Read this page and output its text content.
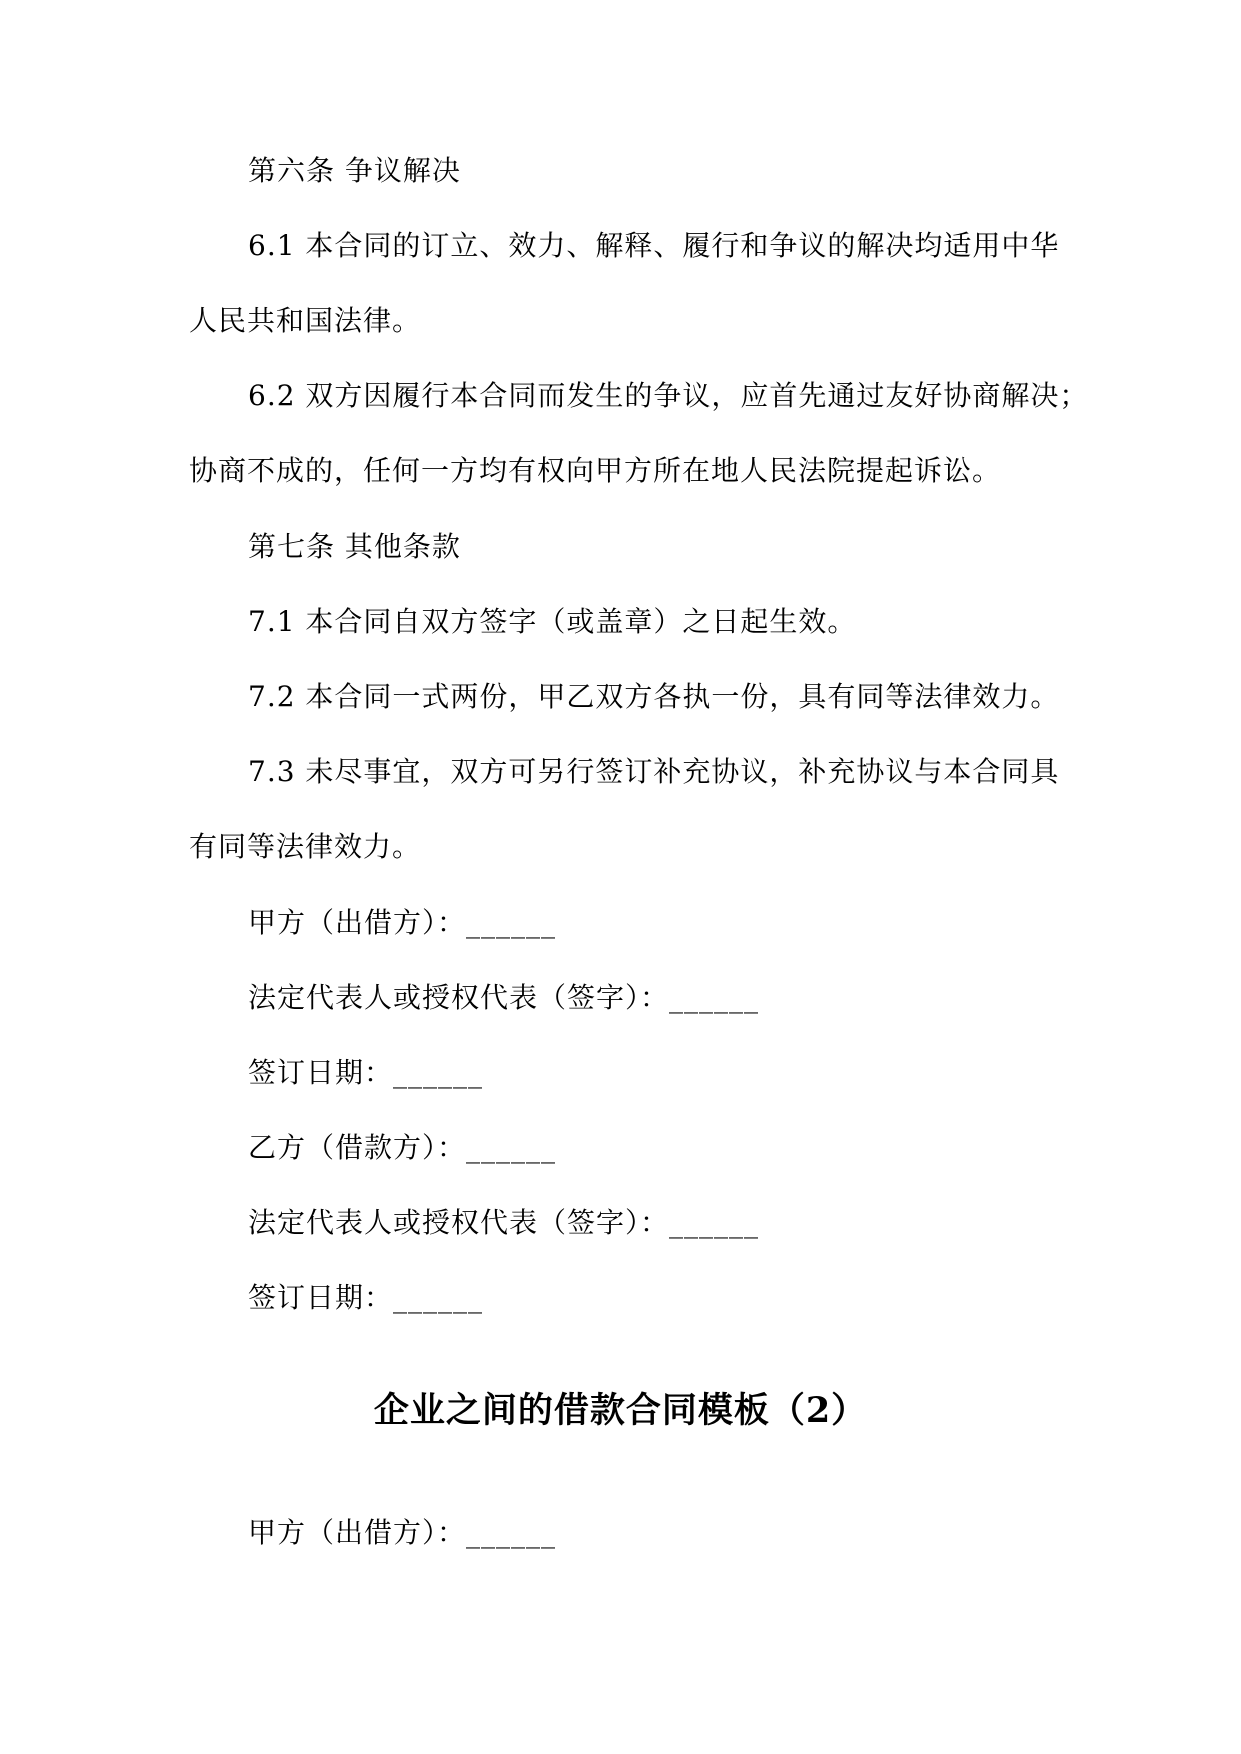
第六条 争议解决
6.1 本合同的订立、效力、解释、履行和争议的解决均适用中华
人民共和国法律。
6.2 双方因履行本合同而发生的争议，应首先通过友好协商解决；
协商不成的，任何一方均有权向甲方所在地人民法院提起诉讼。
第七条 其他条款
7.1 本合同自双方签字（或盖章）之日起生效。
7.2 本合同一式两份，甲乙双方各执一份，具有同等法律效力。
7.3 未尽事宜，双方可另行签订补充协议，补充协议与本合同具
有同等法律效力。
甲方（出借方）：______
法定代表人或授权代表（签字）：______
签订日期：______
乙方（借款方）：______
法定代表人或授权代表（签字）：______
签订日期：______
企业之间的借款合同模板（2）
甲方（出借方）：______
